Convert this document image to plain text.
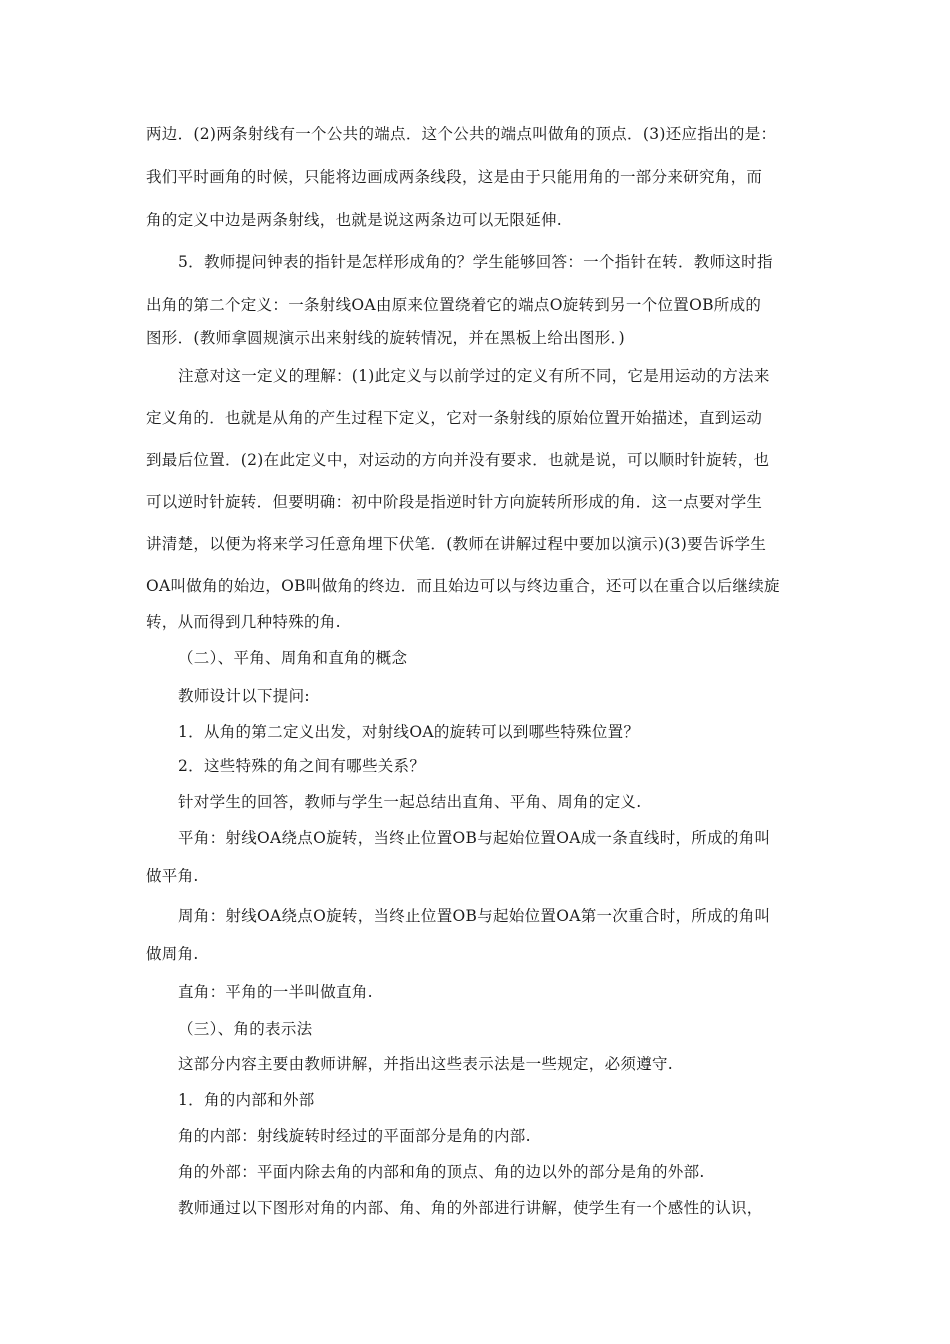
两边．(2)两条射线有一个公共的端点．这个公共的端点叫做角的顶点．(3)还应指出的是：
我们平时画角的时候，只能将边画成两条线段，这是由于只能用角的一部分来研究角，而
角的定义中边是两条射线，也就是说这两条边可以无限延伸.
5．教师提问钟表的指针是怎样形成角的？学生能够回答：一个指针在转．教师这时指
出角的第二个定义：一条射线OA由原来位置绕着它的端点O旋转到另一个位置OB所成的
图形．(教师拿圆规演示出来射线的旋转情况，并在黑板上给出图形．)
注意对这一定义的理解：(1)此定义与以前学过的定义有所不同，它是用运动的方法来
定义角的．也就是从角的产生过程下定义，它对一条射线的原始位置开始描述，直到运动
到最后位置．(2)在此定义中，对运动的方向并没有要求．也就是说，可以顺时针旋转，也
可以逆时针旋转．但要明确：初中阶段是指逆时针方向旋转所形成的角．这一点要对学生
讲清楚，以便为将来学习任意角埋下伏笔．(教师在讲解过程中要加以演示)(3)要告诉学生
OA叫做角的始边，OB叫做角的终边．而且始边可以与终边重合，还可以在重合以后继续旋
转，从而得到几种特殊的角.
（二）、平角、周角和直角的概念
教师设计以下提问:
1．从角的第二定义出发，对射线OA的旋转可以到哪些特殊位置？
2．这些特殊的角之间有哪些关系？
针对学生的回答，教师与学生一起总结出直角、平角、周角的定义.
平角：射线OA绕点O旋转，当终止位置OB与起始位置OA成一条直线时，所成的角叫
做平角.
周角：射线OA绕点O旋转，当终止位置OB与起始位置OA第一次重合时，所成的角叫
做周角.
直角：平角的一半叫做直角.
（三）、角的表示法
这部分内容主要由教师讲解，并指出这些表示法是一些规定，必须遵守.
1．角的内部和外部
角的内部：射线旋转时经过的平面部分是角的内部.
角的外部：平面内除去角的内部和角的顶点、角的边以外的部分是角的外部.
教师通过以下图形对角的内部、角、角的外部进行讲解，使学生有一个感性的认识，
